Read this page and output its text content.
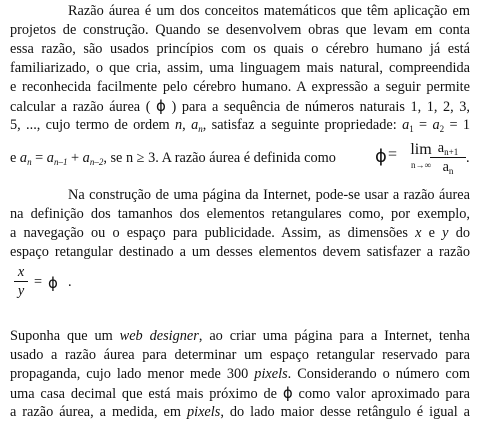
Razão áurea é um dos conceitos matemáticos que têm aplicação em
projetos de construção. Quando se desenvolvem obras que levam em conta
essa razão, são usados princípios com os quais o cérebro humano já está
familiarizado, o que cria, assim, uma linguagem mais natural, compreendida
e reconhecida facilmente pelo cérebro humano. A expressão a seguir permite
calcular a razão áurea ( ϕ ) para a sequência de números naturais 1, 1, 2, 3,
5, ..., cujo termo de ordem n, $a_n$, satisfaz a seguinte propriedade: $a_1 = a_2 = 1$
e $a_n = a_{n-1} + a_{n-2}$, se n ≥ 3. A razão áurea é definida como ϕ = lim
n→∞
$a_{n+1}$
$a_n$
.
Na construção de uma página da Internet, pode-se usar a razão áurea
na definição dos tamanhos dos elementos retangulares como, por exemplo,
a navegação ou o espaço para publicidade. Assim, as dimensões x e y do
espaço retangular destinado a um desses elementos devem satisfazer a razão
x
y
= ϕ .
Suponha que um web designer, ao criar uma página para a Internet, tenha
usado a razão áurea para determinar um espaço retangular reservado para
propaganda, cujo lado menor mede 300 pixels. Considerando o número com
uma casa decimal que está mais próximo de ϕ como valor aproximado para
a razão áurea, a medida, em pixels, do lado maior desse retângulo é igual a
